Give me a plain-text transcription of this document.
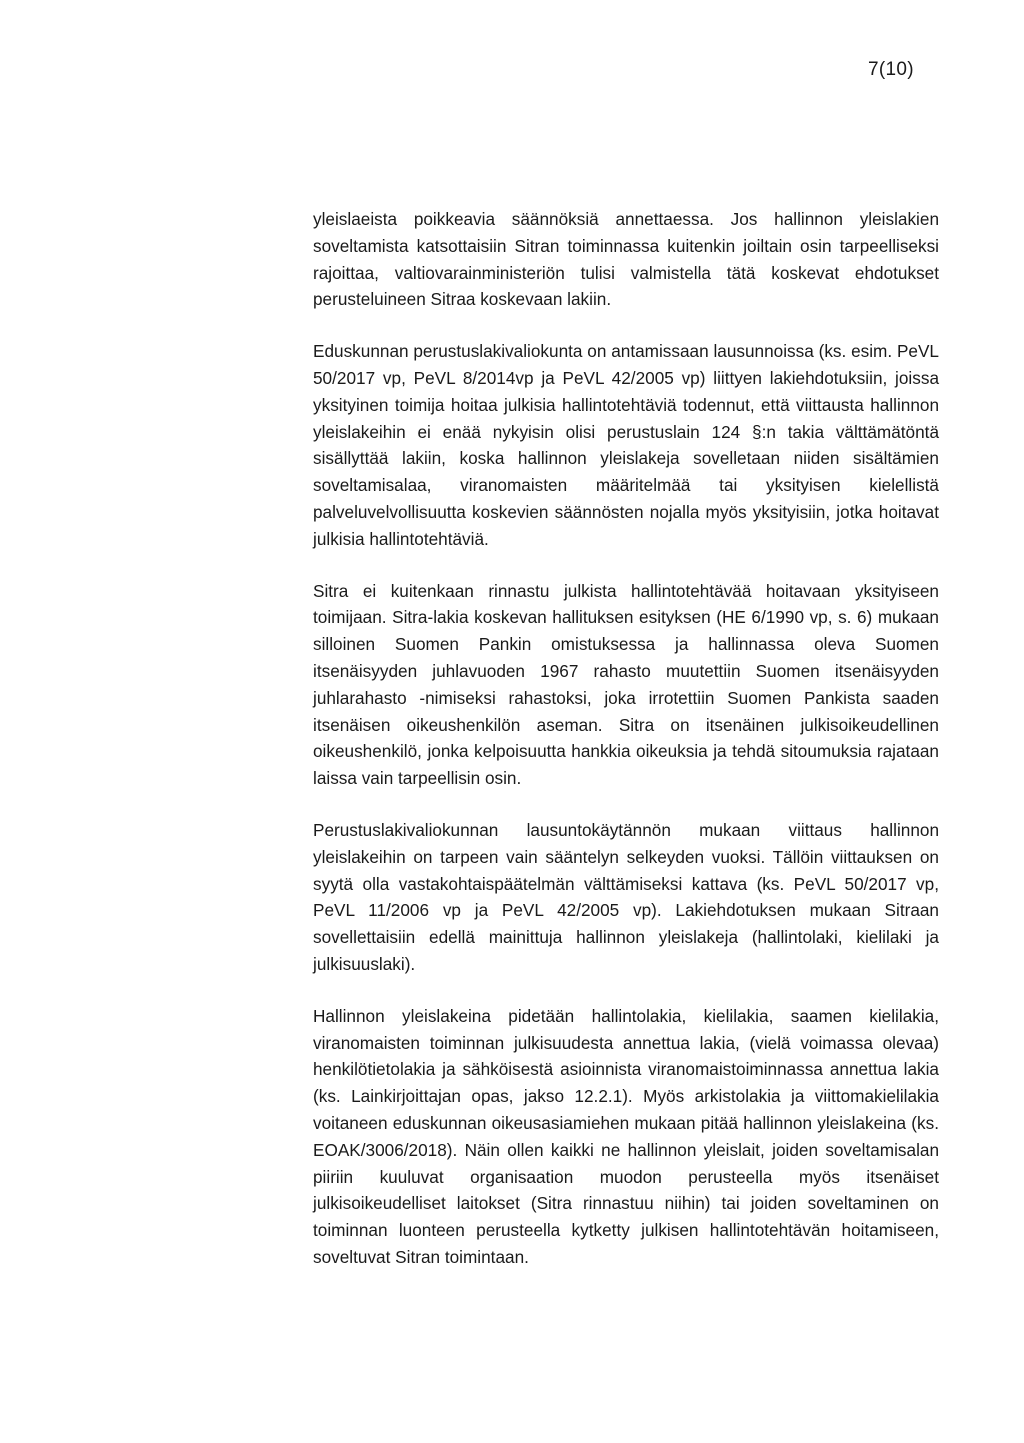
7(10)

yleislaeista poikkeavia säännöksiä annettaessa. Jos hallinnon yleislakien soveltamista katsottaisiin Sitran toiminnassa kuitenkin joiltain osin tarpeelliseksi rajoittaa, valtiovarainministeriön tulisi valmistella tätä koskevat ehdotukset perusteluineen Sitraa koskevaan lakiin.

Eduskunnan perustuslakivaliokunta on antamissaan lausunnoissa (ks. esim. PeVL 50/2017 vp, PeVL 8/2014vp ja PeVL 42/2005 vp) liittyen lakiehdotuksiin, joissa yksityinen toimija hoitaa julkisia hallintotehtäviä todennut, että viittausta hallinnon yleislakeihin ei enää nykyisin olisi perustuslain 124 §:n takia välttämätöntä sisällyttää lakiin, koska hallinnon yleislakeja sovelletaan niiden sisältämien soveltamisalaa, viranomaisten määritelmää tai yksityisen kielellistä palveluvelvollisuutta koskevien säännösten nojalla myös yksityisiin, jotka hoitavat julkisia hallintotehtäviä.

Sitra ei kuitenkaan rinnastu julkista hallintotehtävää hoitavaan yksityiseen toimijaan. Sitra-lakia koskevan hallituksen esityksen (HE 6/1990 vp, s. 6) mukaan silloinen Suomen Pankin omistuksessa ja hallinnassa oleva Suomen itsenäisyyden juhlavuoden 1967 rahasto muutettiin Suomen itsenäisyyden juhlarahasto -nimiseksi rahastoksi, joka irrotettiin Suomen Pankista saaden itsenäisen oikeushenkilön aseman. Sitra on itsenäinen julkisoikeudellinen oikeushenkilö, jonka kelpoisuutta hankkia oikeuksia ja tehdä sitoumuksia rajataan laissa vain tarpeellisin osin.

Perustuslakivaliokunnan lausuntokäytännön mukaan viittaus hallinnon yleislakeihin on tarpeen vain sääntelyn selkeyden vuoksi. Tällöin viittauksen on syytä olla vastakohtaispäätelmän välttämiseksi kattava (ks. PeVL 50/2017 vp, PeVL 11/2006 vp ja PeVL 42/2005 vp). Lakiehdotuksen mukaan Sitraan sovellettaisiin edellä mainittuja hallinnon yleislakeja (hallintolaki, kielilaki ja julkisuuslaki).

Hallinnon yleislakeina pidetään hallintolakia, kielilakia, saamen kielilakia, viranomaisten toiminnan julkisuudesta annettua lakia, (vielä voimassa olevaa) henkilötietolakia ja sähköisestä asioinnista viranomaistoiminnassa annettua lakia (ks. Lainkirjoittajan opas, jakso 12.2.1). Myös arkistolakia ja viittomakielilakia voitaneen eduskunnan oikeusasiamiehen mukaan pitää hallinnon yleislakeina (ks. EOAK/3006/2018). Näin ollen kaikki ne hallinnon yleislait, joiden soveltamisalan piiriin kuuluvat organisaation muodon perusteella myös itsenäiset julkisoikeudelliset laitokset (Sitra rinnastuu niihin) tai joiden soveltaminen on toiminnan luonteen perusteella kytketty julkisen hallintotehtävän hoitamiseen, soveltuvat Sitran toimintaan.
